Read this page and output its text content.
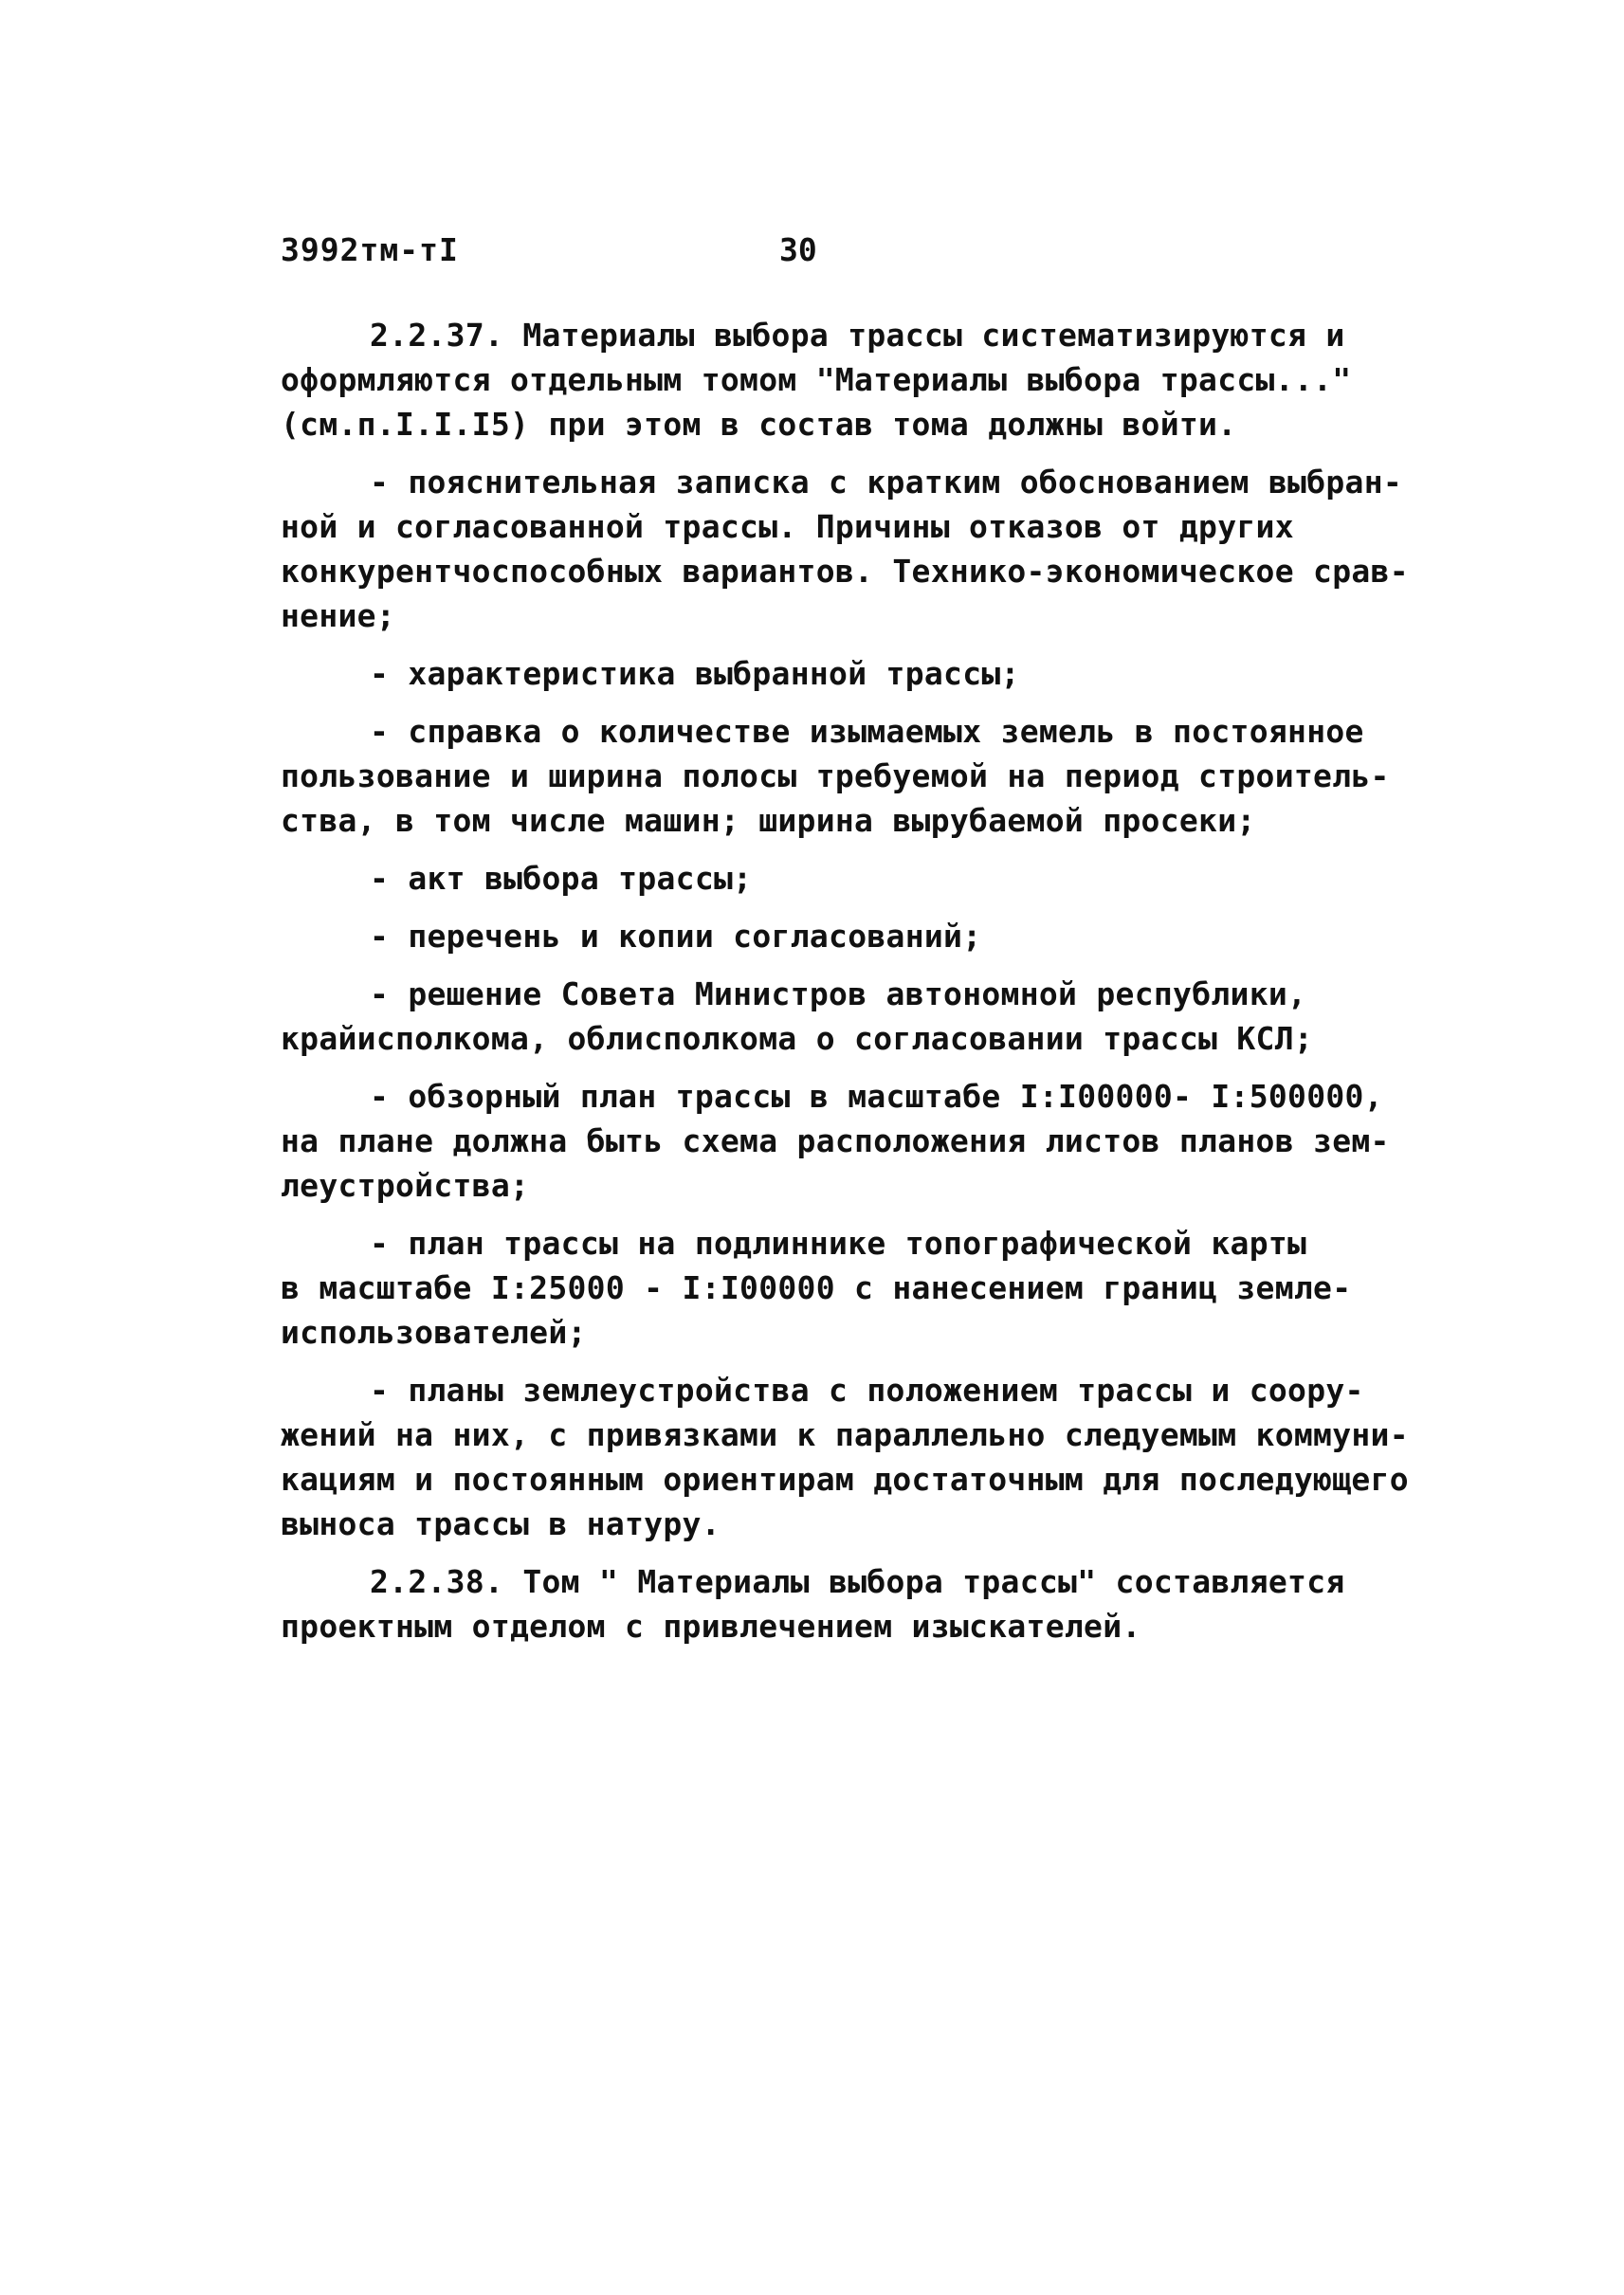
3992тм-тI	30
2.2.37. Материалы выбора трассы систематизируются и
оформляются отдельным томом "Материалы выбора трассы..."
(см.п.I.I.I5) при этом в состав тома должны войти.
- пояснительная записка с кратким обоснованием выбран-
ной и согласованной трассы. Причины отказов от других
конкурентчоспособных вариантов. Технико-экономическое срав-
нение;
- характеристика выбранной трассы;
- справка о количестве изымаемых земель в постоянное
пользование и ширина полосы требуемой на период строитель-
ства, в том числе машин; ширина вырубаемой просеки;
- акт выбора трассы;
- перечень и копии согласований;
- решение Совета Министров автономной республики,
крайисполкома, облисполкома о согласовании трассы КСЛ;
- обзорный план трассы в масштабе I:I00000- I:500000,
на плане должна быть схема расположения листов планов зем-
леустройства;
- план трассы на подлиннике топографической карты
в масштабе I:25000 - I:I00000 с нанесением границ земле-
использователей;
- планы землеустройства с положением трассы и соору-
жений на них, с привязками к параллельно следуемым коммуни-
кациям и постоянным ориентирам достаточным для последующего
выноса трассы в натуру.
2.2.38. Том " Материалы выбора трассы" составляется
проектным отделом с привлечением изыскателей.
